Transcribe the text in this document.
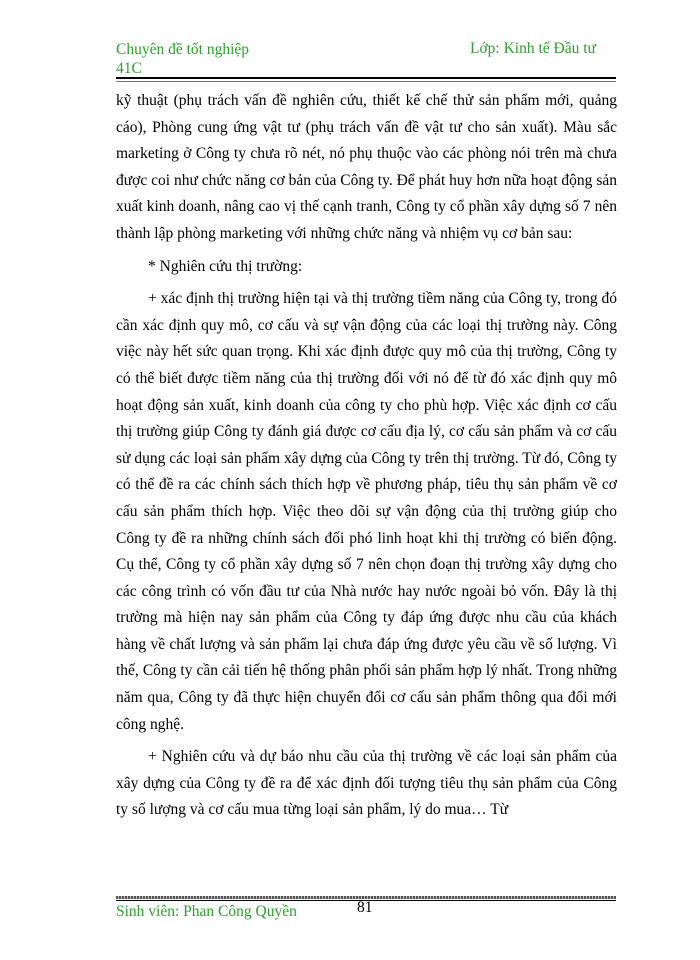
Chuyên đề tốt nghiệp
41C
Lớp: Kinh tế Đầu tư

kỹ thuật (phụ trách vấn đề nghiên cứu, thiết kế chế thử sản phẩm mới, quảng cáo), Phòng cung ứng vật tư (phụ trách vấn đề vật tư cho sản xuất). Màu sắc marketing ở Công ty chưa rõ nét, nó phụ thuộc vào các phòng nói trên mà chưa được coi như chức năng cơ bản của Công ty. Để phát huy hơn nữa hoạt động sản xuất kinh doanh, nâng cao vị thế cạnh tranh, Công ty cổ phần xây dựng số 7 nên thành lập phòng marketing với những chức năng và nhiệm vụ cơ bản sau:

* Nghiên cứu thị trường:

+ xác định thị trường hiện tại và thị trường tiềm năng của Công ty, trong đó cần xác định quy mô, cơ cấu và sự vận động của các loại thị trường này. Công việc này hết sức quan trọng. Khi xác định được quy mô của thị trường, Công ty có thể biết được tiềm năng của thị trường đối với nó để từ đó xác định quy mô hoạt động sản xuất, kinh doanh của công ty cho phù hợp. Việc xác định cơ cấu thị trường giúp Công ty đánh giá được cơ cấu địa lý, cơ cấu sản phẩm và cơ cấu sử dụng các loại sản phẩm xây dựng của Công ty trên thị trường. Từ đó, Công ty có thể đề ra các chính sách thích hợp về phương pháp, tiêu thụ sản phẩm về cơ cấu sản phẩm thích hợp. Việc theo dõi sự vận động của thị trường giúp cho Công ty đề ra những chính sách đối phó linh hoạt khi thị trường có biến động. Cụ thể, Công ty cổ phần xây dựng số 7 nên chọn đoạn thị trường xây dựng cho các công trình có vốn đầu tư của Nhà nước hay nước ngoài bỏ vốn. Đây là thị trường mà hiện nay sản phẩm của Công ty đáp ứng được nhu cầu của khách hàng về chất lượng và sản phẩm lại chưa đáp ứng được yêu cầu về số lượng. Vì thế, Công ty cần cải tiến hệ thống phân phối sản phẩm hợp lý nhất. Trong những năm qua, Công ty đã thực hiện chuyển đổi cơ cấu sản phẩm thông qua đổi mới công nghệ.

+ Nghiên cứu và dự báo nhu cầu của thị trường về các loại sản phẩm của xây dựng của Công ty đề ra để xác định đối tượng tiêu thụ sản phẩm của Công ty số lượng và cơ cấu mua từng loại sản phẩm, lý do mua… Từ

Sinh viên: Phan Công Quyền	81
